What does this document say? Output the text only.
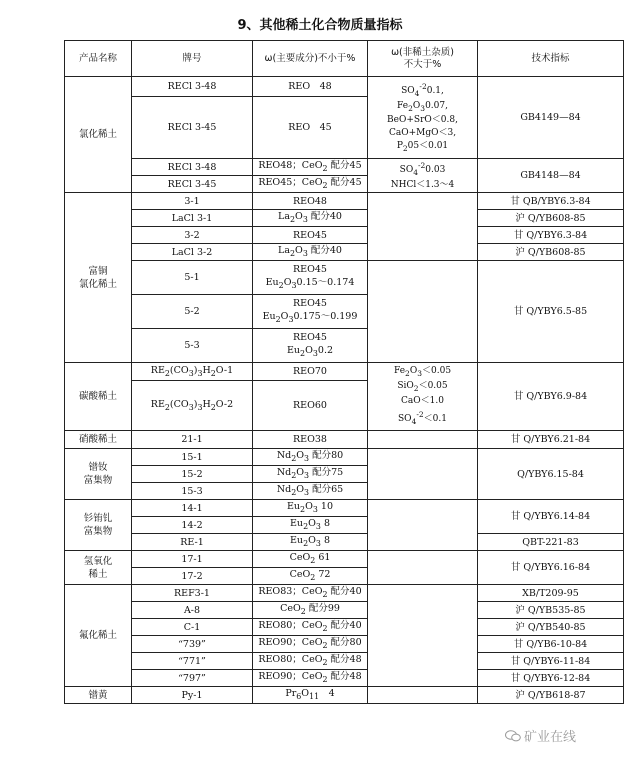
9、其他稀土化合物质量指标
产品名称	牌号	ω(主要成分)不小于%	ω(非稀土杂质)
不大于%	技术指标

氯化稀土	RECl 3-48	REO　48	$SO_4^{-2}0.1$,
$Fe_2O_30.07$,
BeO+SrO＜0.8,
CaO+MgO＜3,
$P_205<0.01$	GB4149—84
	RECl 3-45	REO　45		
	RECl 3-48	REO48；CeO$_2$ 配分45	$SO_4^{-2}0.03$
NHCl＜1.3～4	GB4148—84
	RECl 3-45	REO45；CeO$_2$ 配分45		

富铜
氯化稀土	3-1	REO48		甘 QB/YBY6.3-84
	LaCl 3-1	$La_2O_3$ 配分40		沪 Q/YB608-85
	3-2	REO45		甘 Q/YBY6.3-84
	LaCl 3-2	$La_2O_3$ 配分40		沪 Q/YB608-85
	5-1	REO45
$Eu_2O_30.15\sim 0.174$		甘 Q/YBY6.5-85
	5-2	REO45
$Eu_2O_30.175\sim 0.199$		

	5-3	REO45
$Eu_2O_30.2$		

碳酸稀土	$RE_2(CO_3)_3H_2O-1$	REO70	$Fe_2O_3<0.05$
SiO$_2$＜0.05
CaO＜1.0
$SO_4^{-2}<0.1$	甘 Q/YBY6.9-84
	$RE_2(CO_3)_3H_2O-2$	REO60		

硝酸稀土	21-1	REO38		甘 Q/YBY6.21-84

镨钕
富集物	15-1	$Nd_2O_3$ 配分80		Q/YBY6.15-84
	15-2	$Nd_2O_3$ 配分75		
	15-3	$Nd_2O_3$ 配分65		

钐铕钆
富集物	14-1	$Eu_2O_3$ 10		甘 Q/YBY6.14-84
	14-2	$Eu_2O_3$ 8		
	RE-1	$Eu_2O_3$ 8		QBT-221-83

氢氧化
稀土	17-1	CeO$_2$ 61		甘 Q/YBY6.16-84
	17-2	CeO$_2$ 72		

氟化稀土	REF3-1	REO83；CeO$_2$ 配分40		XB/T209-95
	A-8	CeO$_2$ 配分99		沪 Q/YB535-85
	C-1	REO80；CeO$_2$ 配分40		沪 Q/YB540-85
	“739”	REO90；CeO$_2$ 配分80		甘 Q/YB6-10-84
	“771”	REO80；CeO$_2$ 配分48		甘 Q/YBY6-11-84
	“797”	REO90；CeO$_2$ 配分48		甘 Q/YBY6-12-84

镨黄	Py-1	$Pr_6O_{11}$　4		沪 Q/YB618-87
矿业在线
